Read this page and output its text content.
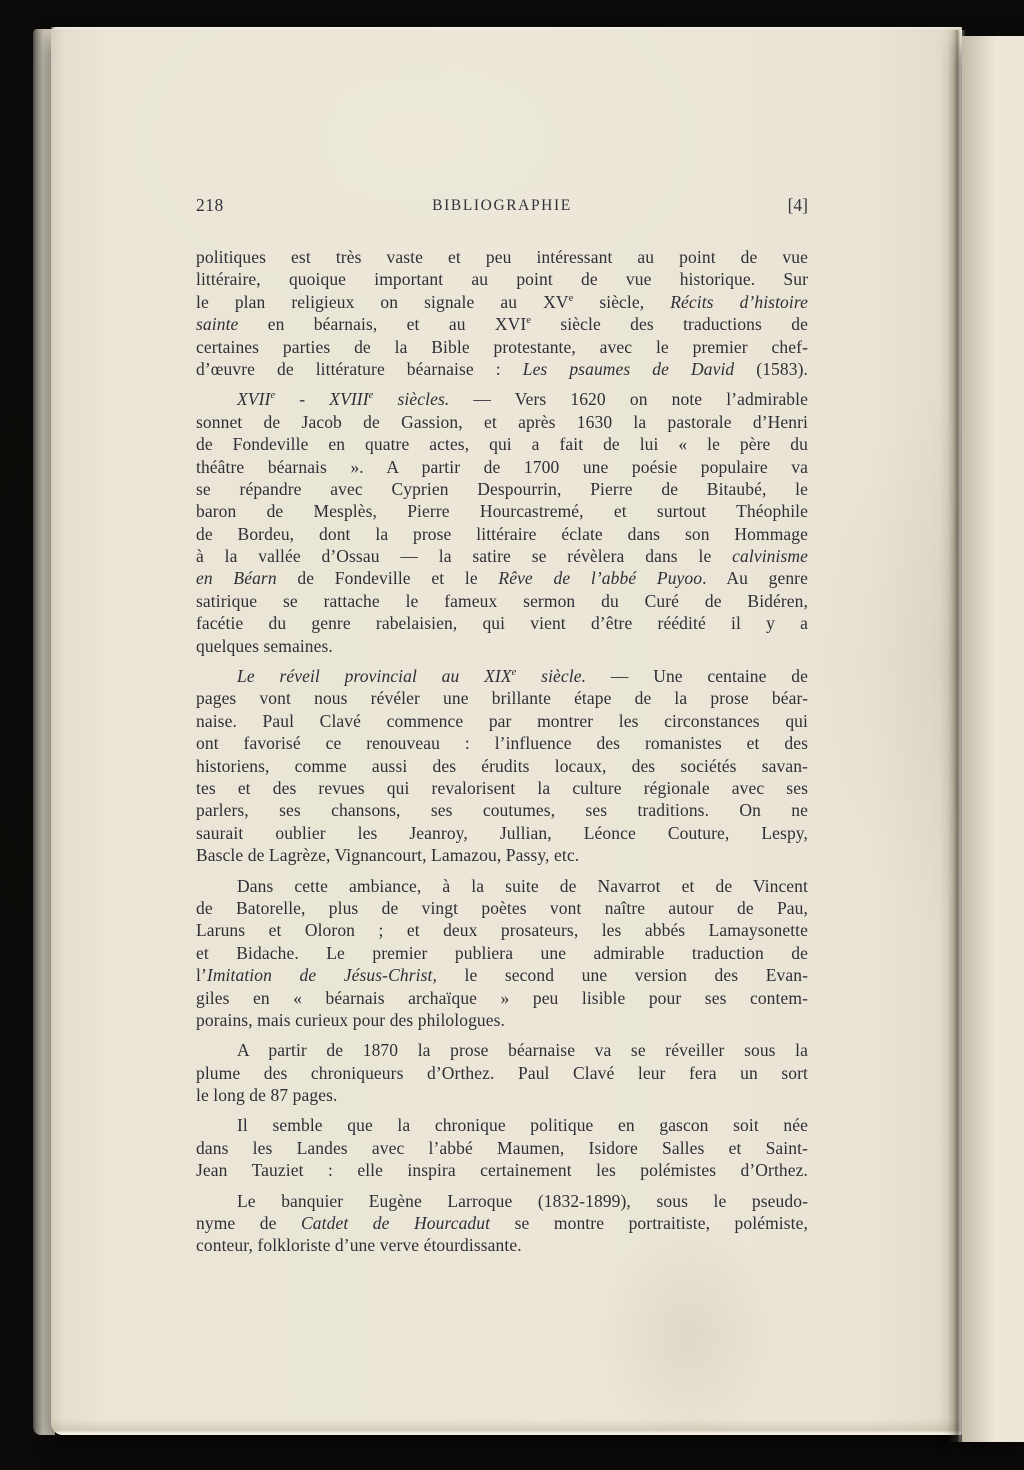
218	BIBLIOGRAPHIE	[4]
politiques est très vaste et peu intéressant au point de vue
littéraire, quoique important au point de vue historique. Sur
le plan religieux on signale au XVe siècle, Récits d’histoire
sainte en béarnais, et au XVIe siècle des traductions de
certaines parties de la Bible protestante, avec le premier chef-
d’œuvre de littérature béarnaise : Les psaumes de David (1583).
XVIIe - XVIIIe siècles. — Vers 1620 on note l’admirable
sonnet de Jacob de Gassion, et après 1630 la pastorale d’Henri
de Fondeville en quatre actes, qui a fait de lui « le père du
théâtre béarnais ». A partir de 1700 une poésie populaire va
se répandre avec Cyprien Despourrin, Pierre de Bitaubé, le
baron de Mesplès, Pierre Hourcastremé, et surtout Théophile
de Bordeu, dont la prose littéraire éclate dans son Hommage
à la vallée d’Ossau — la satire se révèlera dans le calvinisme
en Béarn de Fondeville et le Rêve de l’abbé Puyoo. Au genre
satirique se rattache le fameux sermon du Curé de Bidéren,
facétie du genre rabelaisien, qui vient d’être réédité il y a
quelques semaines.
Le réveil provincial au XIXe siècle. — Une centaine de
pages vont nous révéler une brillante étape de la prose béar-
naise. Paul Clavé commence par montrer les circonstances qui
ont favorisé ce renouveau : l’influence des romanistes et des
historiens, comme aussi des érudits locaux, des sociétés savan-
tes et des revues qui revalorisent la culture régionale avec ses
parlers, ses chansons, ses coutumes, ses traditions. On ne
saurait oublier les Jeanroy, Jullian, Léonce Couture, Lespy,
Bascle de Lagrèze, Vignancourt, Lamazou, Passy, etc.
Dans cette ambiance, à la suite de Navarrot et de Vincent
de Batorelle, plus de vingt poètes vont naître autour de Pau,
Laruns et Oloron ; et deux prosateurs, les abbés Lamaysonette
et Bidache. Le premier publiera une admirable traduction de
l’Imitation de Jésus-Christ, le second une version des Evan-
giles en « béarnais archaïque » peu lisible pour ses contem-
porains, mais curieux pour des philologues.
A partir de 1870 la prose béarnaise va se réveiller sous la
plume des chroniqueurs d’Orthez. Paul Clavé leur fera un sort
le long de 87 pages.
Il semble que la chronique politique en gascon soit née
dans les Landes avec l’abbé Maumen, Isidore Salles et Saint-
Jean Tauziet : elle inspira certainement les polémistes d’Orthez.
Le banquier Eugène Larroque (1832-1899), sous le pseudo-
nyme de Catdet de Hourcadut se montre portraitiste, polémiste,
conteur, folkloriste d’une verve étourdissante.
